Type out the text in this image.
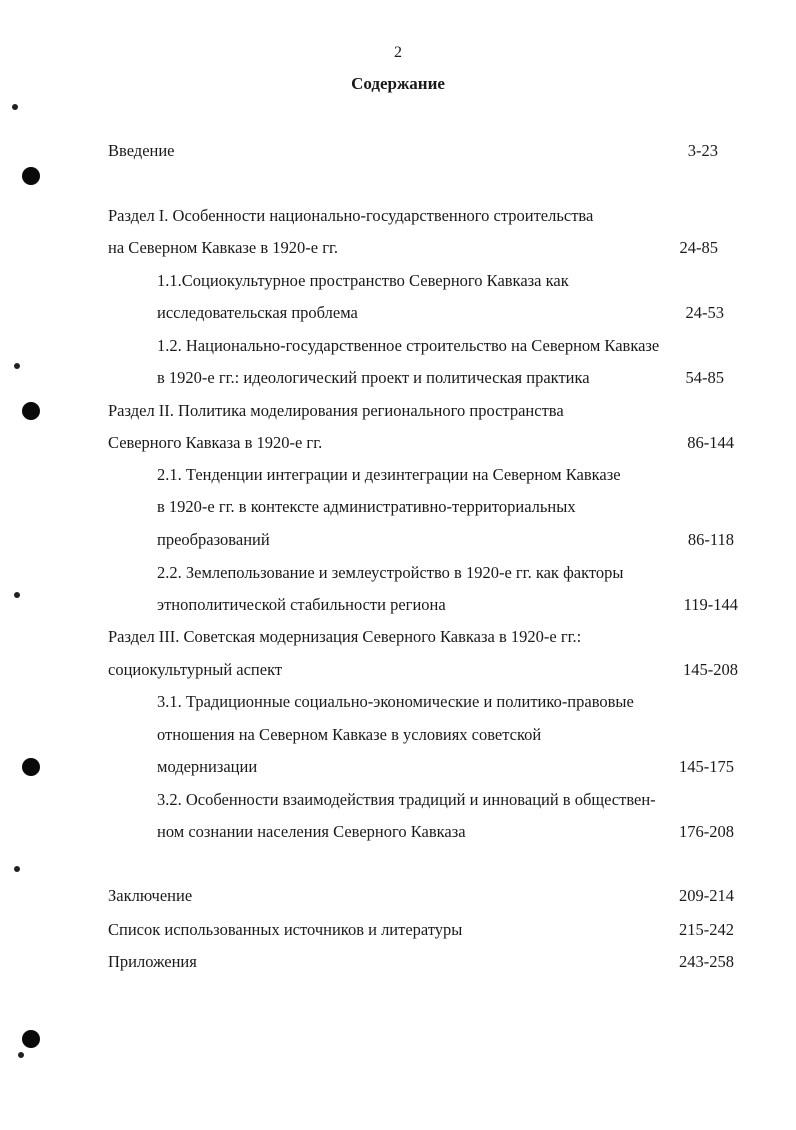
2
Содержание
Введение	3-23
Раздел I. Особенности национально-государственного строительства
на Северном Кавказе в 1920-е гг.	24-85
1.1.Социокультурное пространство Северного Кавказа как
исследовательская проблема	24-53
1.2. Национально-государственное строительство на Северном Кавказе
в 1920-е гг.: идеологический проект и политическая практика	54-85
Раздел II. Политика моделирования регионального пространства
Северного Кавказа в 1920-е гг.	86-144
2.1. Тенденции интеграции и дезинтеграции на Северном Кавказе
в 1920-е гг. в контексте административно-территориальных
преобразований	86-118
2.2. Землепользование и землеустройство в 1920-е гг. как факторы
этнополитической стабильности региона	119-144
Раздел III. Советская модернизация Северного Кавказа в 1920-е гг.:
социокультурный аспект	145-208
3.1. Традиционные социально-экономические и политико-правовые
отношения на Северном Кавказе в условиях советской
модернизации	145-175
3.2. Особенности взаимодействия традиций и инноваций в обществен-
ном сознании населения Северного Кавказа	176-208
Заключение	209-214
Список использованных источников и литературы	215-242
Приложения	243-258
